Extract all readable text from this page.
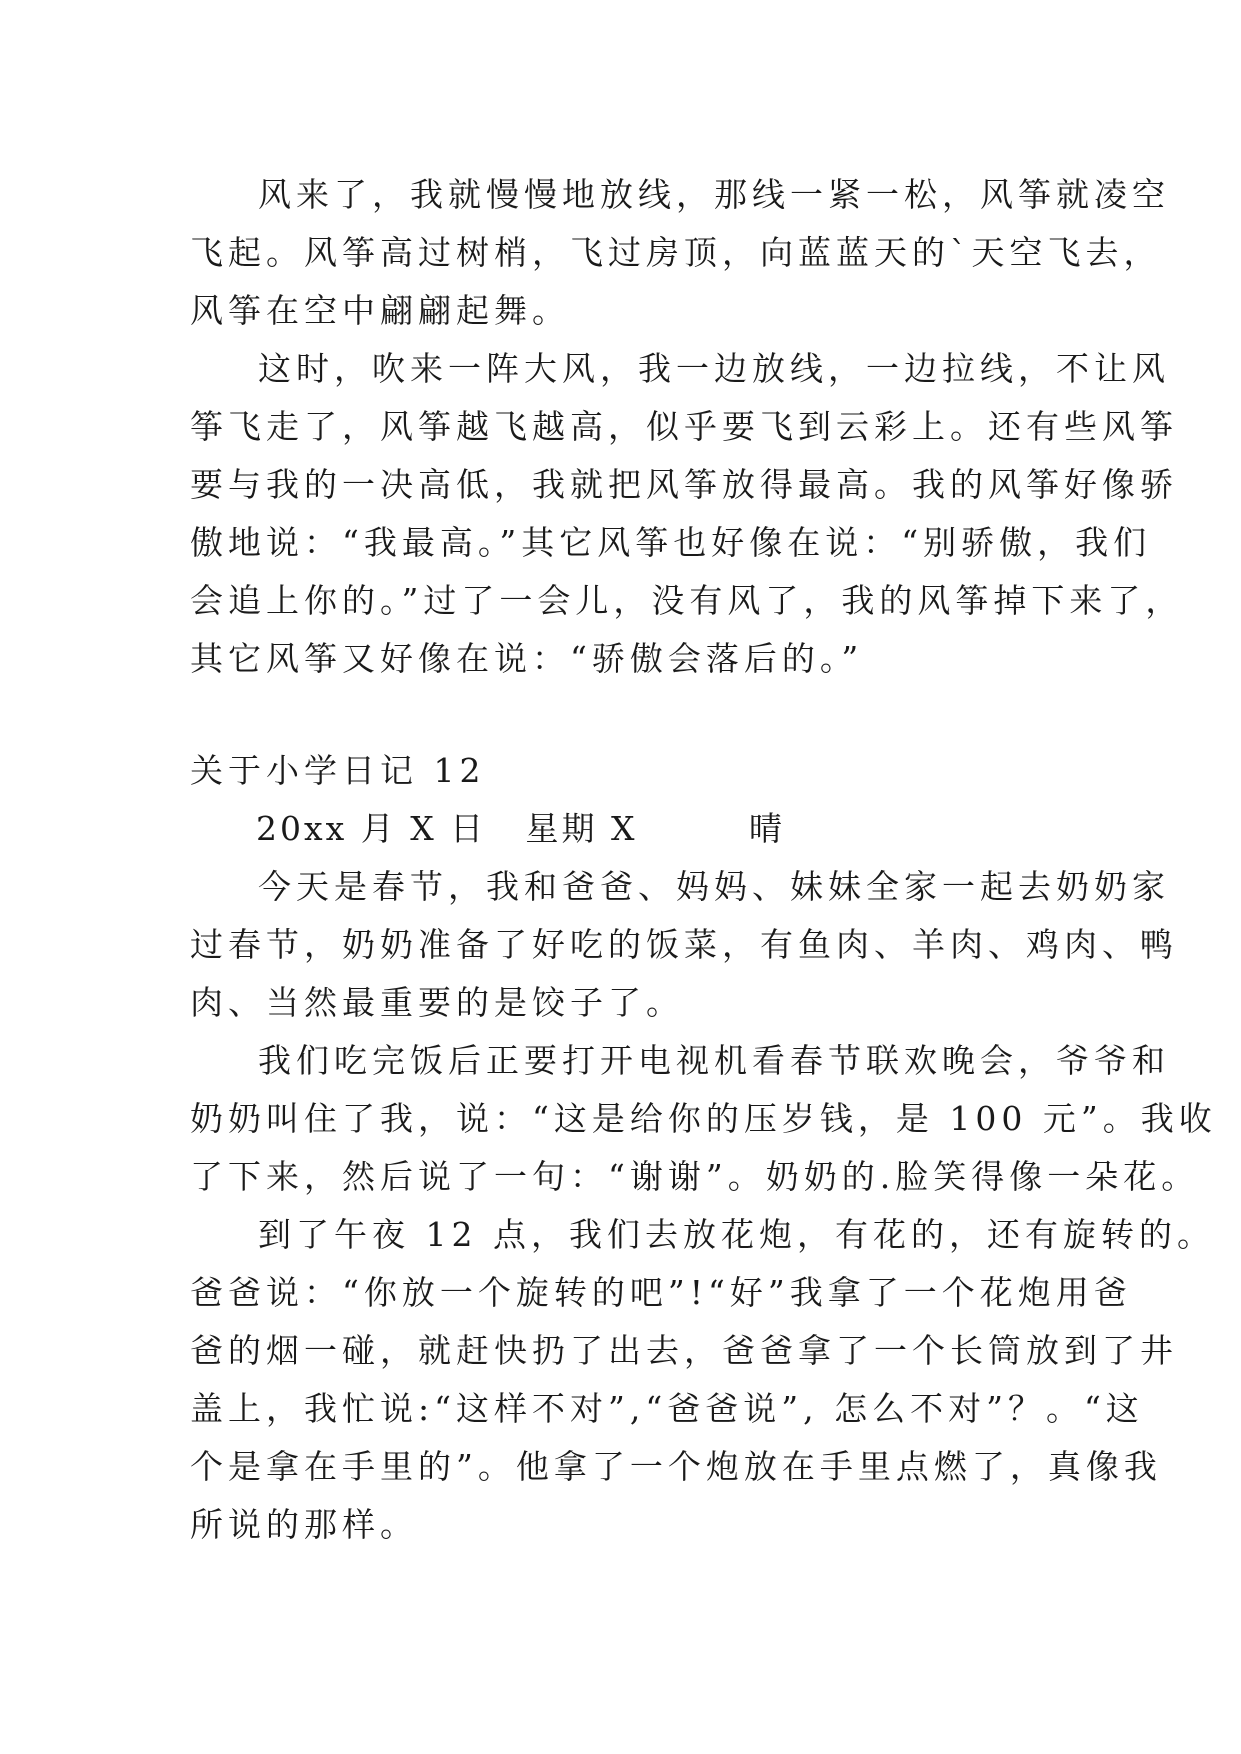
风来了，我就慢慢地放线，那线一紧一松，风筝就凌空
飞起。风筝高过树梢，飞过房顶，向蓝蓝天的`天空飞去，
风筝在空中翩翩起舞。
这时，吹来一阵大风，我一边放线，一边拉线，不让风
筝飞走了，风筝越飞越高，似乎要飞到云彩上。还有些风筝
要与我的一决高低，我就把风筝放得最高。我的风筝好像骄
傲地说：“我最高。”其它风筝也好像在说：“别骄傲，我们
会追上你的。”过了一会儿，没有风了，我的风筝掉下来了，
其它风筝又好像在说：“骄傲会落后的。”
关于小学日记 12
20xx 月 X 日 星期 X	晴
今天是春节，我和爸爸、妈妈、妹妹全家一起去奶奶家
过春节，奶奶准备了好吃的饭菜，有鱼肉、羊肉、鸡肉、鸭
肉、当然最重要的是饺子了。
我们吃完饭后正要打开电视机看春节联欢晚会，爷爷和
奶奶叫住了我，说：“这是给你的压岁钱，是 100 元”。我收
了下来，然后说了一句：“谢谢”。奶奶的.脸笑得像一朵花。
到了午夜 12 点，我们去放花炮，有花的，还有旋转的。
爸爸说：“你放一个旋转的吧”!“好”我拿了一个花炮用爸
爸的烟一碰，就赶快扔了出去，爸爸拿了一个长筒放到了井
盖上，我忙说:“这样不对”,“爸爸说”, 怎么不对”？。“这
个是拿在手里的”。他拿了一个炮放在手里点燃了，真像我
所说的那样。
